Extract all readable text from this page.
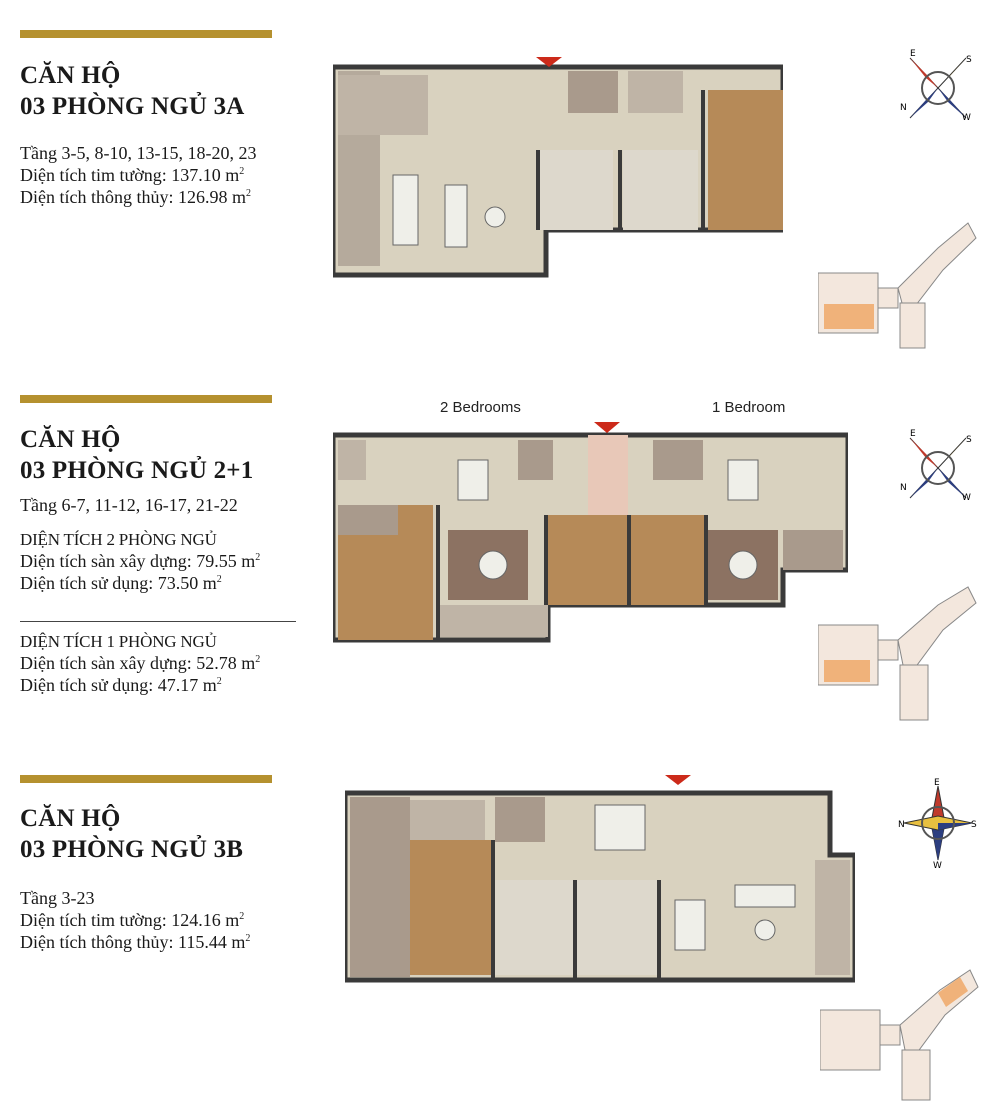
CĂN HỘ

03 PHÒNG NGỦ 3A

Tầng 3-5, 8-10, 13-15, 18-20, 23

Diện tích tim tường: 137.10 $m^2$

Diện tích thông thủy: 126.98 $m^2$

E
S
N
W

CĂN HỘ

03 PHÒNG NGỦ 2+1

Tầng 6-7, 11-12, 16-17, 21-22

DIỆN TÍCH 2 PHÒNG NGỦ

Diện tích sàn xây dựng: 79.55 $m^2$

Diện tích sử dụng: 73.50 $m^2$

DIỆN TÍCH 1 PHÒNG NGỦ

Diện tích sàn xây dựng: 52.78 $m^2$

Diện tích sử dụng: 47.17 $m^2$

2 Bedrooms	1 Bedroom
E
S
N
W

CĂN HỘ

03 PHÒNG NGỦ 3B

Tầng 3-23

Diện tích tim tường: 124.16 $m^2$

Diện tích thông thủy: 115.44 $m^2$

E
N	S
W
